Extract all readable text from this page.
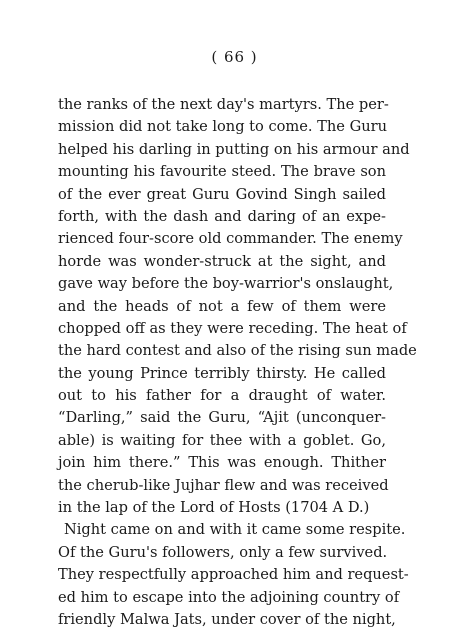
( 66 )
the ranks of the next day's martyrs. The per-
mission did not take long to come. The Guru
helped his darling in putting on his armour and
mounting his favourite steed. The brave son
of the ever great Guru Govind Singh sailed
forth, with the dash and daring of an expe-
rienced four-score old commander. The enemy
horde was wonder-struck at the sight, and
gave way before the boy-warrior's onslaught,
and the heads of not a few of them were
chopped off as they were receding. The heat of
the hard contest and also of the rising sun made
the young Prince terribly thirsty. He called
out to his father for a draught of water.
“Darling,” said the Guru, “Ajit (unconquer-
able) is waiting for thee with a goblet. Go,
join him there.” This was enough. Thither
the cherub-like Jujhar flew and was received
in the lap of the Lord of Hosts (1704 A D.)
Night came on and with it came some respite.
Of the Guru's followers, only a few survived.
They respectfully approached him and request-
ed him to escape into the adjoining country of
friendly Malwa Jats, under cover of the night,
